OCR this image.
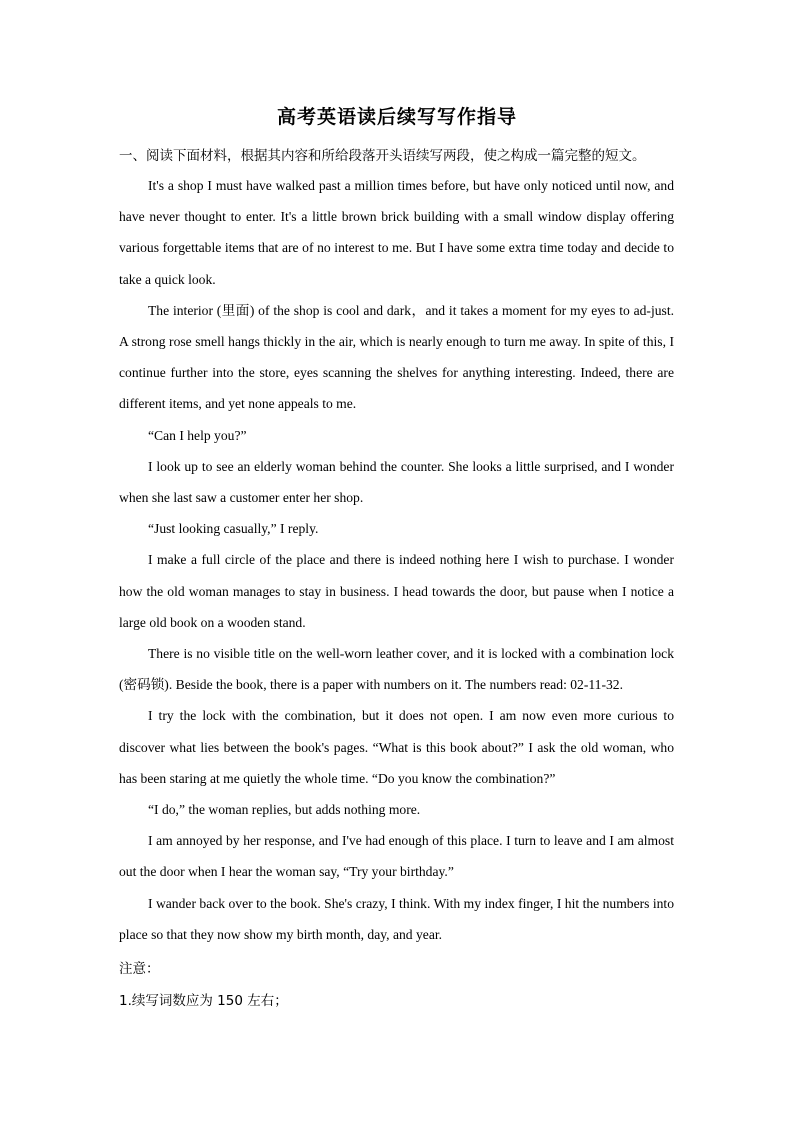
高考英语读后续写写作指导
一、阅读下面材料，根据其内容和所给段落开头语续写两段，使之构成一篇完整的短文。

It's a shop I must have walked past a million times before, but have only noticed until now, and have never thought to enter. It's a little brown brick building with a small window display offering various forgettable items that are of no interest to me. But I have some extra time today and decide to take a quick look.

The interior (里面) of the shop is cool and dark，and it takes a moment for my eyes to ad-just. A strong rose smell hangs thickly in the air, which is nearly enough to turn me away. In spite of this, I continue further into the store, eyes scanning the shelves for anything interesting. Indeed, there are different items, and yet none appeals to me.

“Can I help you?”

I look up to see an elderly woman behind the counter. She looks a little surprised, and I wonder when she last saw a customer enter her shop.

“Just looking casually,” I reply.

I make a full circle of the place and there is indeed nothing here I wish to purchase. I wonder how the old woman manages to stay in business. I head towards the door, but pause when I notice a large old book on a wooden stand.

There is no visible title on the well-worn leather cover, and it is locked with a combination lock (密码锁). Beside the book, there is a paper with numbers on it. The numbers read: 02-11-32.

I try the lock with the combination, but it does not open. I am now even more curious to discover what lies between the book's pages. “What is this book about?” I ask the old woman, who has been staring at me quietly the whole time. “Do you know the combination?”

“I do,” the woman replies, but adds nothing more.

I am annoyed by her response, and I've had enough of this place. I turn to leave and I am almost out the door when I hear the woman say, “Try your birthday.”

I wander back over to the book. She's crazy, I think. With my index finger, I hit the numbers into place so that they now show my birth month, day, and year.

注意：
1.续写词数应为 150 左右；
